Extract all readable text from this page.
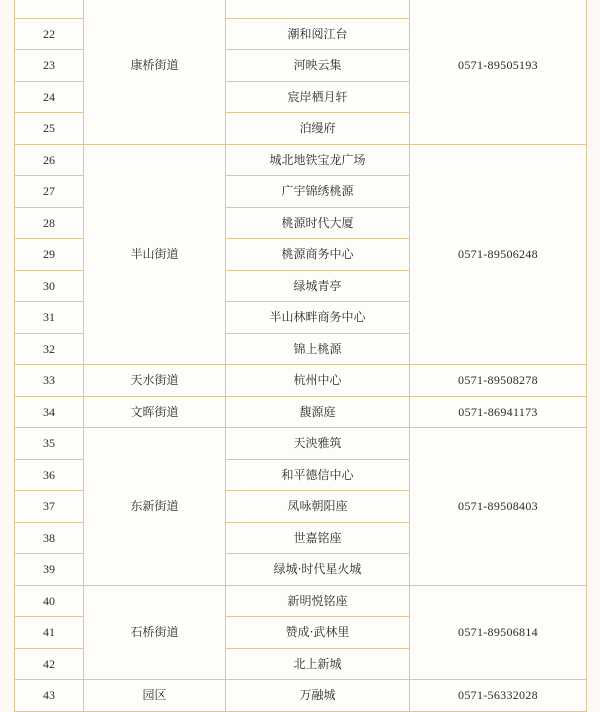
	康桥街道		0571-89505193
22		潮和阅江台	
23		河映云集	
24		宸岸栖月轩	
25		泊缦府	
26	半山街道	城北地铁宝龙广场	0571-89506248
27		广宇锦绣桃源	
28		桃源时代大厦	
29		桃源商务中心	
30		绿城青亭	
31		半山林畔商务中心	
32		锦上桃源	
33	天水街道	杭州中心	0571-89508278
34	文晖街道	馥源庭	0571-86941173
35	东新街道	天泱雅筑	0571-89508403
36		和平德信中心	
37		凤咏朝阳座	
38		世嘉铭座	
39		绿城·时代星火城	
40	石桥街道	新明悦铭座	0571-89506814
41		赞成·武林里	
42		北上新城	
43	园区	万融城	0571-56332028
